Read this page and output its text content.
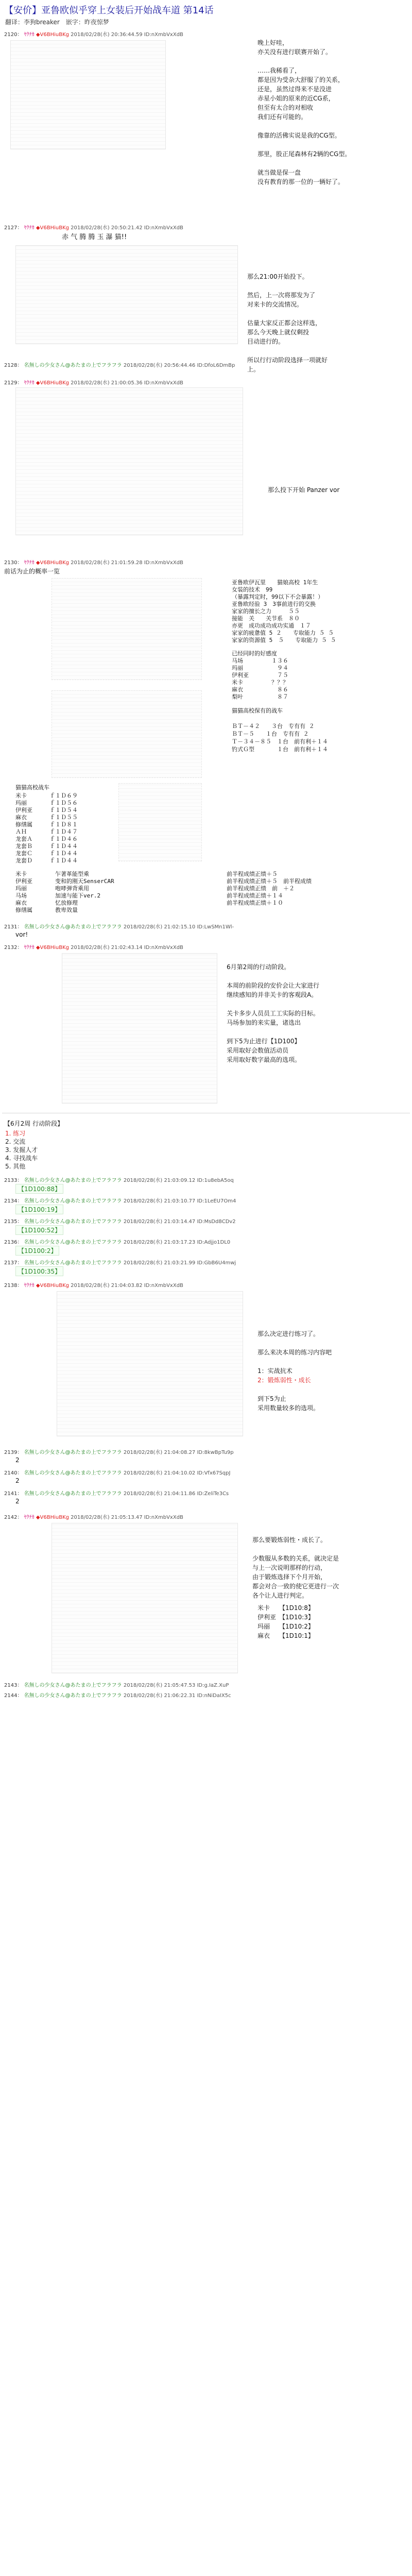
【安价】亚鲁欧似乎穿上女装后开始战车道 第14话
翻译：李狗breaker　嵌字：昨夜惊梦
2120： ﾔｸﾁｶ ◆V6BHiuBKg 2018/02/28(水) 20:36:44.59 ID:nXmbVxXdB
晚上好哇，
亦关没有进行联赛开始了。

……我稀看了，
都是因为受杂大舒服了的关系，
还是，虽然过得来不是没进
赤星小姐的原来的近CG系，
但至有太合的对相收
我们还有可能的。

像靠的活佛实说是我的CG型。

那里，股正尾森林有2辆的CG型。

就当做是保一盘
没有教育的那一位的一辆好了。
2127： ﾔｸﾁｶ ◆V6BHiuBKg 2018/02/28(水) 20:50:21.42 ID:nXmbVxXdB
赤 气 腾 腾 玉 瀑 猫!!
那么21:00开始投下。

然后，上一次将那发为了
对来卡的交流情况。

估量大家反正都会这样选，
那么今天晚上就仅剩投
目动进行的。

所以行行动阶段选择一项就好
上。
2128： 名無しの少女さん@あたまの上でフラフラ 2018/02/28(水) 20:56:44.46 ID:DfoL6DmBp
2129： ﾔｸﾁｶ ◆V6BHiuBKg 2018/02/28(水) 21:00:05.36 ID:nXmbVxXdB
那么投下开始 Panzer vor
2130： ﾔｸﾁｶ ◆V6BHiuBKg 2018/02/28(水) 21:01:59.28 ID:nXmbVxXdB
前话为止的概率一览
亚鲁欧伊瓦里　　猫娘高校 1年生
女装的技术　99
（暴露判定时，99以下不会暴露！）
亚鲁欧经验 3　3事前进行的交换
家家的擅长之力　　　５５
接能　关　　关节系　８０
亦更　成功成功成功实通　１７
家家的疲惫值 5 ２　　专取能力 ５ ５
家家的资源值 5　５　　专取能力 ５ ５
已经同时的好感度
马场　　　　　１３６
玛丽　　　　　　９４
伊利亚　　　　　７５
米卡　　　　　？？？
麻衣　　　　　　８６
梨叶　　　　　　８７
猫猫高校保有的战车

ＢＴ－４２　　３台　专有有 ２
ＢＴ－５　　１台　专有有 ２
Ｔ－３４－８５　１台　前有利＋１４
钓式Ｇ型　　　　１台　前有利＋１４
猫猫高校战车
米卡　　　　ｆ１Ｄ６９
玛丽　　　　ｆ１Ｄ５６
伊利亚　　　ｆ１Ｄ５４
麻衣　　　　ｆ１Ｄ５５
修缮属　　　ｆ１Ｄ８１
ＡＨ　　　　ｆ１Ｄ４７
龙套Ａ　　　ｆ１Ｄ４６
龙套Ｂ　　　ｆ１Ｄ４４
龙套Ｃ　　　ｆ１Ｄ４４
龙套Ｄ　　　ｆ１Ｄ４４
米卡　　　　　乍著革能型乘
伊利亚　　　　变和的刚天SenserCAR
玛丽　　　　　咆哮弹背乘用
马场　　　　　加速与能下ver.2
麻衣　　　　　忆放修理
修缮属　　　　教卑效量
前半程成绩正绩＋５
前半程成绩正绩＋５　前半程成绩
前半程成绩正绩　前　＋２
前半程成绩正绩＋１４
前半程成绩正绩＋１０
2131： 名無しの少女さん@あたまの上でフラフラ 2018/02/28(水) 21:02:15.10 ID:LwSMn1Wl-
vor!
2132： ﾔｸﾁｶ ◆V6BHiuBKg 2018/02/28(水) 21:02:43.14 ID:nXmbVxXdB
6月第2周的行动阶段。

本周的前阶段的安价会让大家进行
继续感知的并非关卡的客观段A。

关卡多步人员员工工实际的目标。
马场参加的来实量，诸选出

到下5为止进行【1D100】
采用取好会数值活动员
采用取好数字最高的选项。
【6月2周 行动阶段】
1. 练习
2. 交流
3. 发掘人才
4. 寻找战车
5. 其他
2133： 名無しの少女さん@あたまの上でフラフラ 2018/02/28(水) 21:03:09.12 ID:1u8ebA5oq
【1D100:88】
2134： 名無しの少女さん@あたまの上でフラフラ 2018/02/28(水) 21:03:10.77 ID:1LeEU7Om4
【1D100:19】
2135： 名無しの少女さん@あたまの上でフラフラ 2018/02/28(水) 21:03:14.47 ID:MsDd8CDv2
【1D100:52】
2136： 名無しの少女さん@あたまの上でフラフラ 2018/02/28(水) 21:03:17.23 ID:Adjjo1DL0
【1D100:2】
2137： 名無しの少女さん@あたまの上でフラフラ 2018/02/28(水) 21:03:21.99 ID:GbB6U4mwj
【1D100:35】
2138： ﾔｸﾁｶ ◆V6BHiuBKg 2018/02/28(水) 21:04:03.82 ID:nXmbVxXdB
那么决定进行练习了。

那么来决本周的练习内容吧

1：实战抗术
2：锻炼弱性・成长

到下5为止
采用数量较多的选项。
2139： 名無しの少女さん@あたまの上でフラフラ 2018/02/28(水) 21:04:08.27 ID:8kwBpTu9p
2
2140： 名無しの少女さん@あたまの上でフラフラ 2018/02/28(水) 21:04:10.02 ID:Vfx67SqpJ
2
2141： 名無しの少女さん@あたまの上でフラフラ 2018/02/28(水) 21:04:11.86 ID:ZeliTe3Cs
2
2142： ﾔｸﾁｶ ◆V6BHiuBKg 2018/02/28(水) 21:05:13.47 ID:nXmbVxXdB
那么要锻炼弱性・成长了。

少数服从多数的关系，就决定是
与上一次说明那样的行动，
由于锻炼选择下个月开始，
都会对合一致的使它更进行一次
各个让人进行判定。
米卡　　【1D10:8】
伊利亚　【1D10:3】
玛丽　　【1D10:2】
麻衣　　【1D10:1】
2143： 名無しの少女さん@あたまの上でフラフラ 2018/02/28(水) 21:05:47.53 ID:g.IaZ.XuP
2144： 名無しの少女さん@あたまの上でフラフラ 2018/02/28(水) 21:06:22.31 ID:nNiDaIX5c
